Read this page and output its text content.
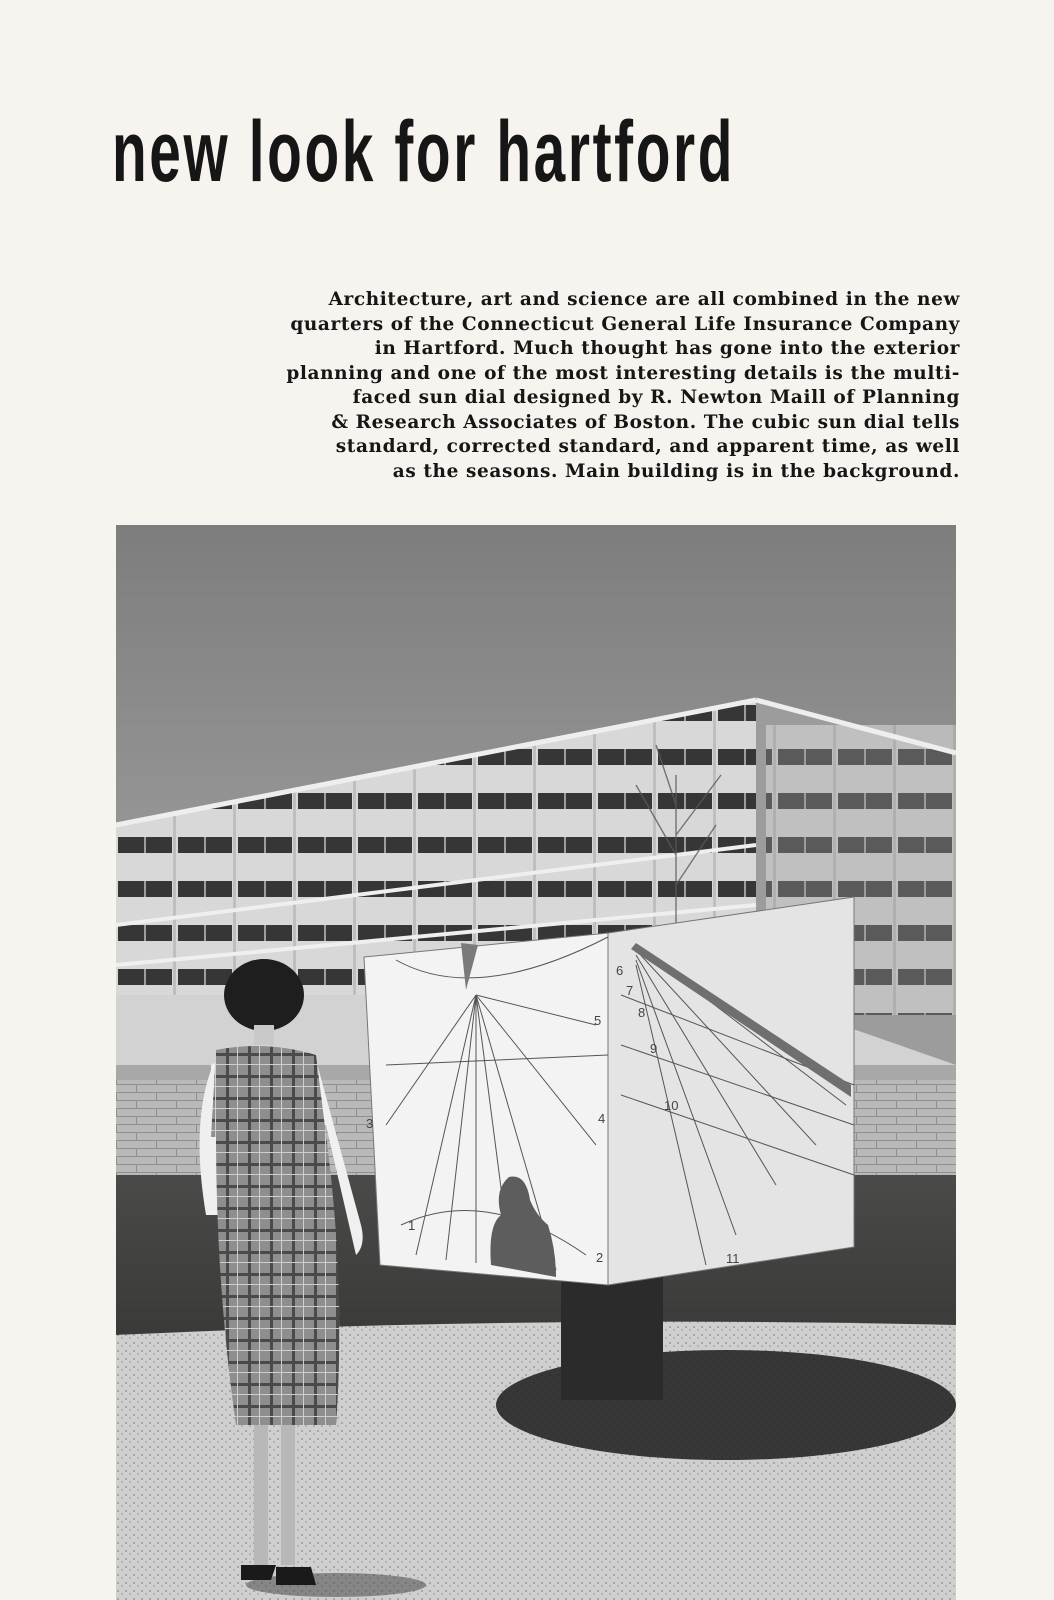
new look for hartford
Architecture, art and science are all combined in the new
quarters of the Connecticut General Life Insurance Company
in Hartford. Much thought has gone into the exterior
planning and one of the most interesting details is the multi-
faced sun dial designed by R. Newton Maill of Planning
& Research Associates of Boston. The cubic sun dial tells
standard, corrected standard, and apparent time, as well
as the seasons. Main building is in the background.
5
4
3
2
1
6
7
8
9
10
11
